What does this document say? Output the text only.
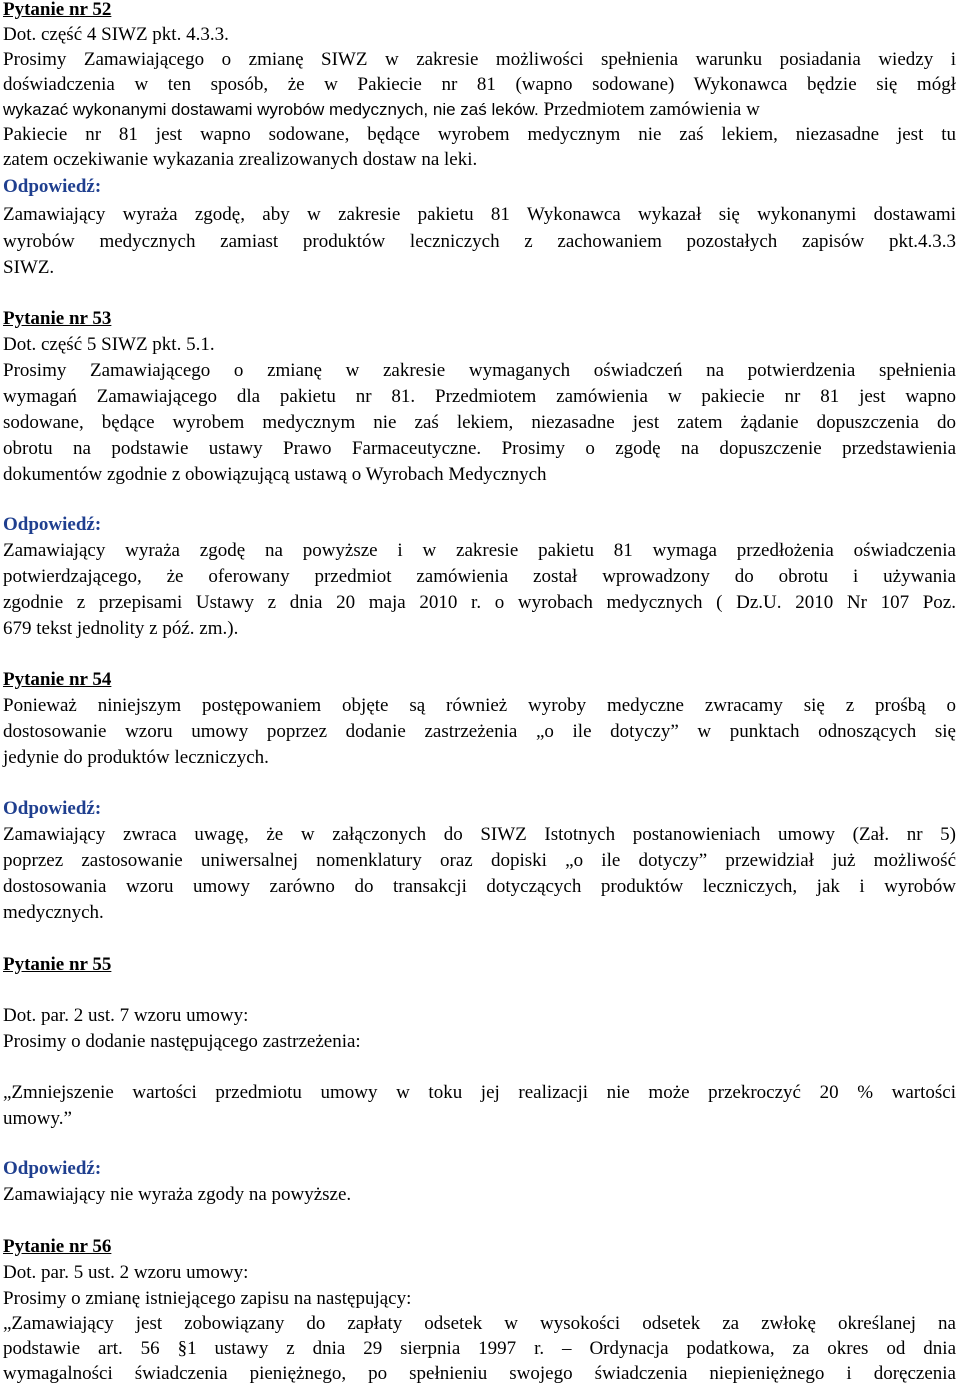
Pytanie nr 52
Dot. część 4 SIWZ pkt. 4.3.3.
Prosimy Zamawiającego o zmianę SIWZ w zakresie możliwości spełnienia warunku posiadania wiedzy i
doświadczenia w ten sposób, że w Pakiecie nr 81 (wapno sodowane) Wykonawca będzie się mógł
wykazać wykonanymi dostawami wyrobów medycznych, nie zaś leków. Przedmiotem zamówienia w
Pakiecie nr 81 jest wapno sodowane, będące wyrobem medycznym nie zaś lekiem, niezasadne jest tu
zatem oczekiwanie wykazania zrealizowanych dostaw na leki.
Odpowiedź:
Zamawiający wyraża zgodę, aby w zakresie pakietu 81 Wykonawca wykazał się wykonanymi dostawami
wyrobów medycznych zamiast produktów leczniczych z zachowaniem pozostałych zapisów pkt.4.3.3
SIWZ.
Pytanie nr 53
Dot. część 5 SIWZ pkt. 5.1.
Prosimy Zamawiającego o zmianę w zakresie wymaganych oświadczeń na potwierdzenia spełnienia
wymagań Zamawiającego dla pakietu nr 81. Przedmiotem zamówienia w pakiecie nr 81 jest wapno
sodowane, będące wyrobem medycznym nie zaś lekiem, niezasadne jest zatem żądanie dopuszczenia do
obrotu na podstawie ustawy Prawo Farmaceutyczne. Prosimy o zgodę na dopuszczenie przedstawienia
dokumentów zgodnie z obowiązującą ustawą o Wyrobach Medycznych
Odpowiedź:
Zamawiający wyraża zgodę na powyższe i w zakresie pakietu 81 wymaga przedłożenia oświadczenia
potwierdzającego, że oferowany przedmiot zamówienia został wprowadzony do obrotu i używania
zgodnie z przepisami Ustawy z dnia 20 maja 2010 r. o wyrobach medycznych ( Dz.U. 2010 Nr 107 Poz.
679 tekst jednolity z póź. zm.).
Pytanie nr 54
Ponieważ niniejszym postępowaniem objęte są również wyroby medyczne zwracamy się z prośbą o
dostosowanie wzoru umowy poprzez dodanie zastrzeżenia „o ile dotyczy” w punktach odnoszących się
jedynie do produktów leczniczych.
Odpowiedź:
Zamawiający zwraca uwagę, że w załączonych do SIWZ Istotnych postanowieniach umowy (Zał. nr 5)
poprzez zastosowanie uniwersalnej nomenklatury oraz dopiski „o ile dotyczy” przewidział już możliwość
dostosowania wzoru umowy zarówno do transakcji dotyczących produktów leczniczych, jak i wyrobów
medycznych.
Pytanie nr 55
Dot. par. 2 ust. 7 wzoru umowy:
Prosimy o dodanie następującego zastrzeżenia:
„Zmniejszenie wartości przedmiotu umowy w toku jej realizacji nie może przekroczyć 20 % wartości
umowy.”
Odpowiedź:
Zamawiający nie wyraża zgody na powyższe.
Pytanie nr 56
Dot. par. 5 ust. 2 wzoru umowy:
Prosimy o zmianę istniejącego zapisu na następujący:
„Zamawiający jest zobowiązany do zapłaty odsetek w wysokości odsetek za zwłokę określanej na
podstawie art. 56 §1 ustawy z dnia 29 sierpnia 1997 r. – Ordynacja podatkowa, za okres od dnia
wymagalności świadczenia pieniężnego, po spełnieniu swojego świadczenia niepieniężnego i doręczenia
